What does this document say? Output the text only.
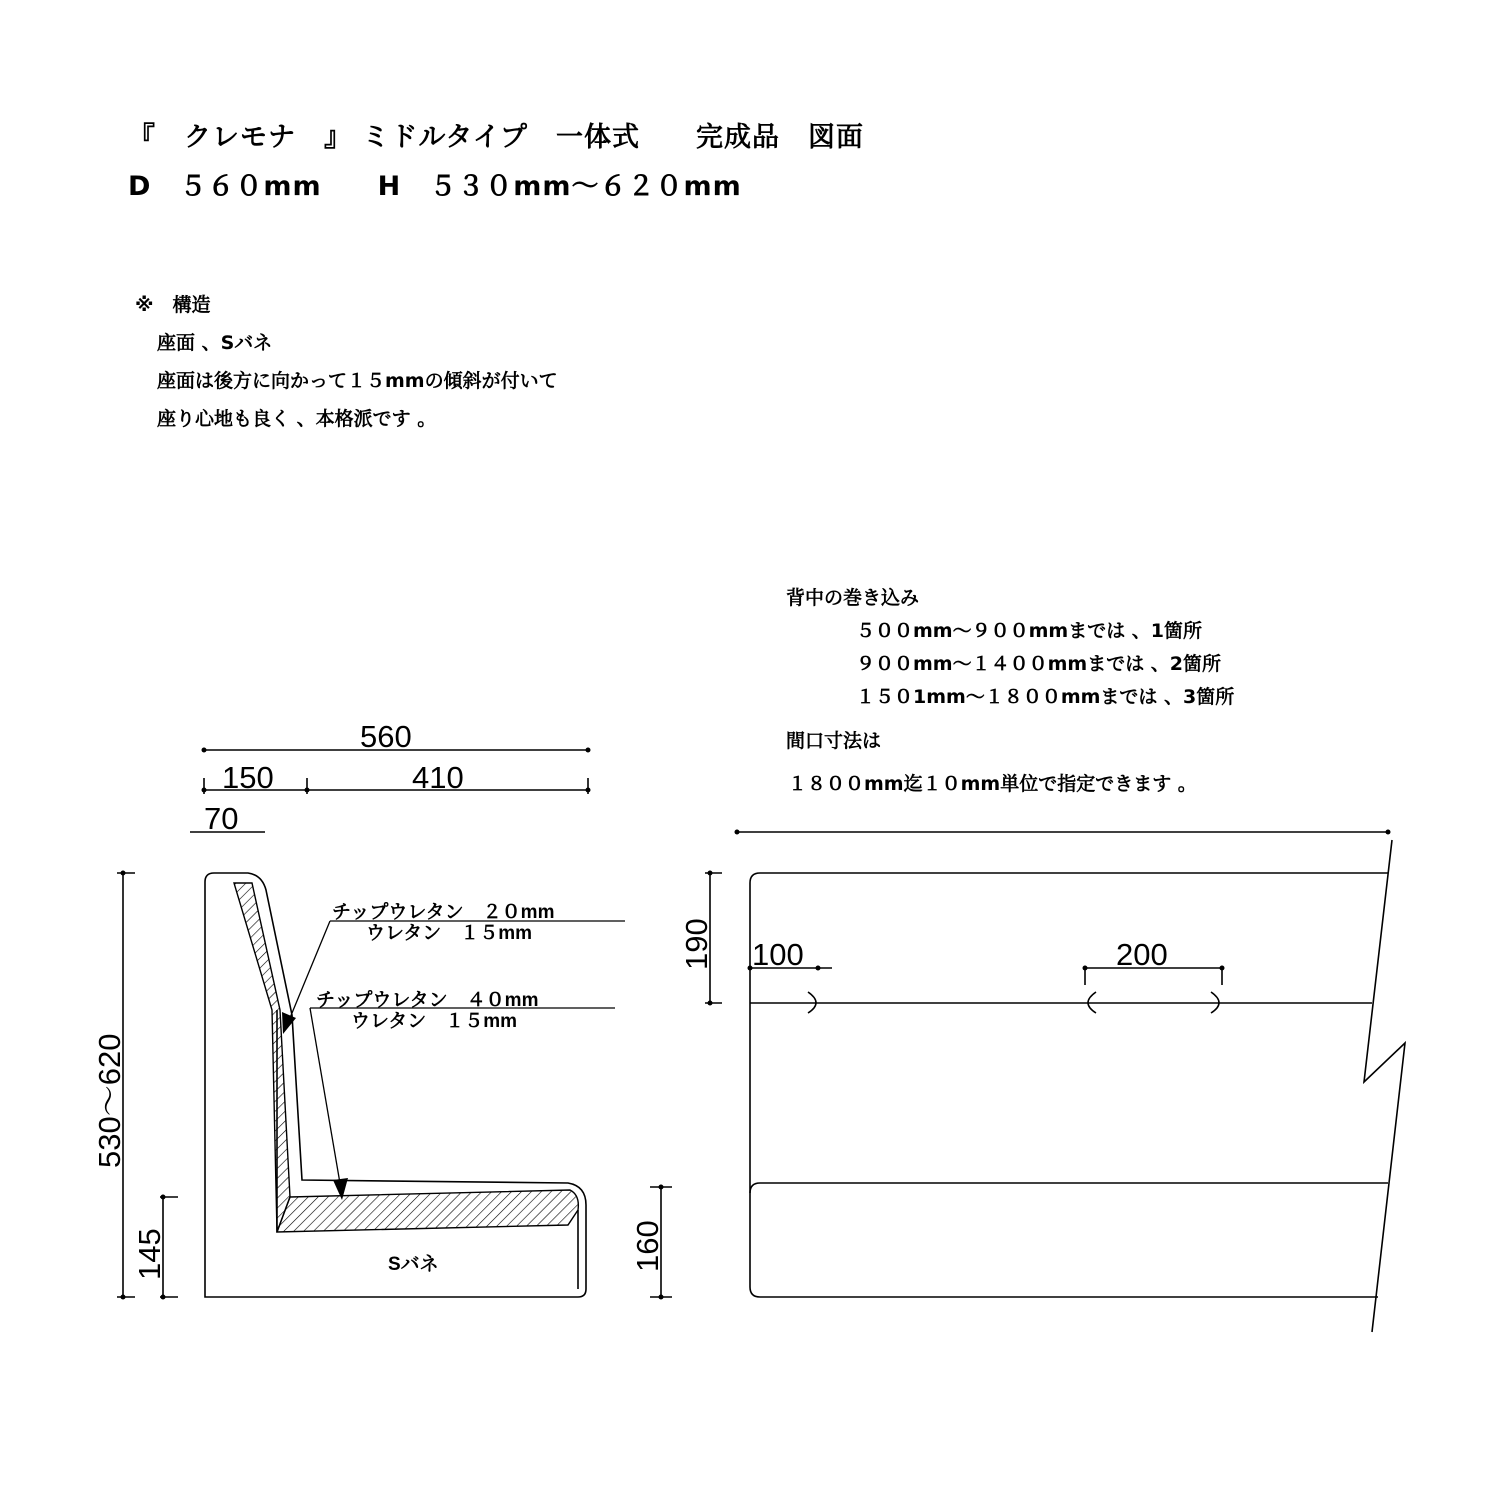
『　クレモナ　』 ミドルタイプ　一体式　　完成品　図面
D　５６０mm　　H　５３０mm～６２０mm
※　構造
座面 、Sバネ
座面は後方に向かって１５mmの傾斜が付いて
座り心地も良く 、本格派です 。
背中の巻き込み
５００mm～９００mmまでは 、1箇所
９００mm～１４００mmまでは 、2箇所
１５０1mm～１８００mmまでは 、3箇所
間口寸法は
１８００mm迄１０mm単位で指定できます 。
560
150	410
70
530～620
145
190 100	200
160
チップウレタン　２０mm
ウレタン　１５mm
チップウレタン　４０mm
ウレタン　１５mm
Sバネ
